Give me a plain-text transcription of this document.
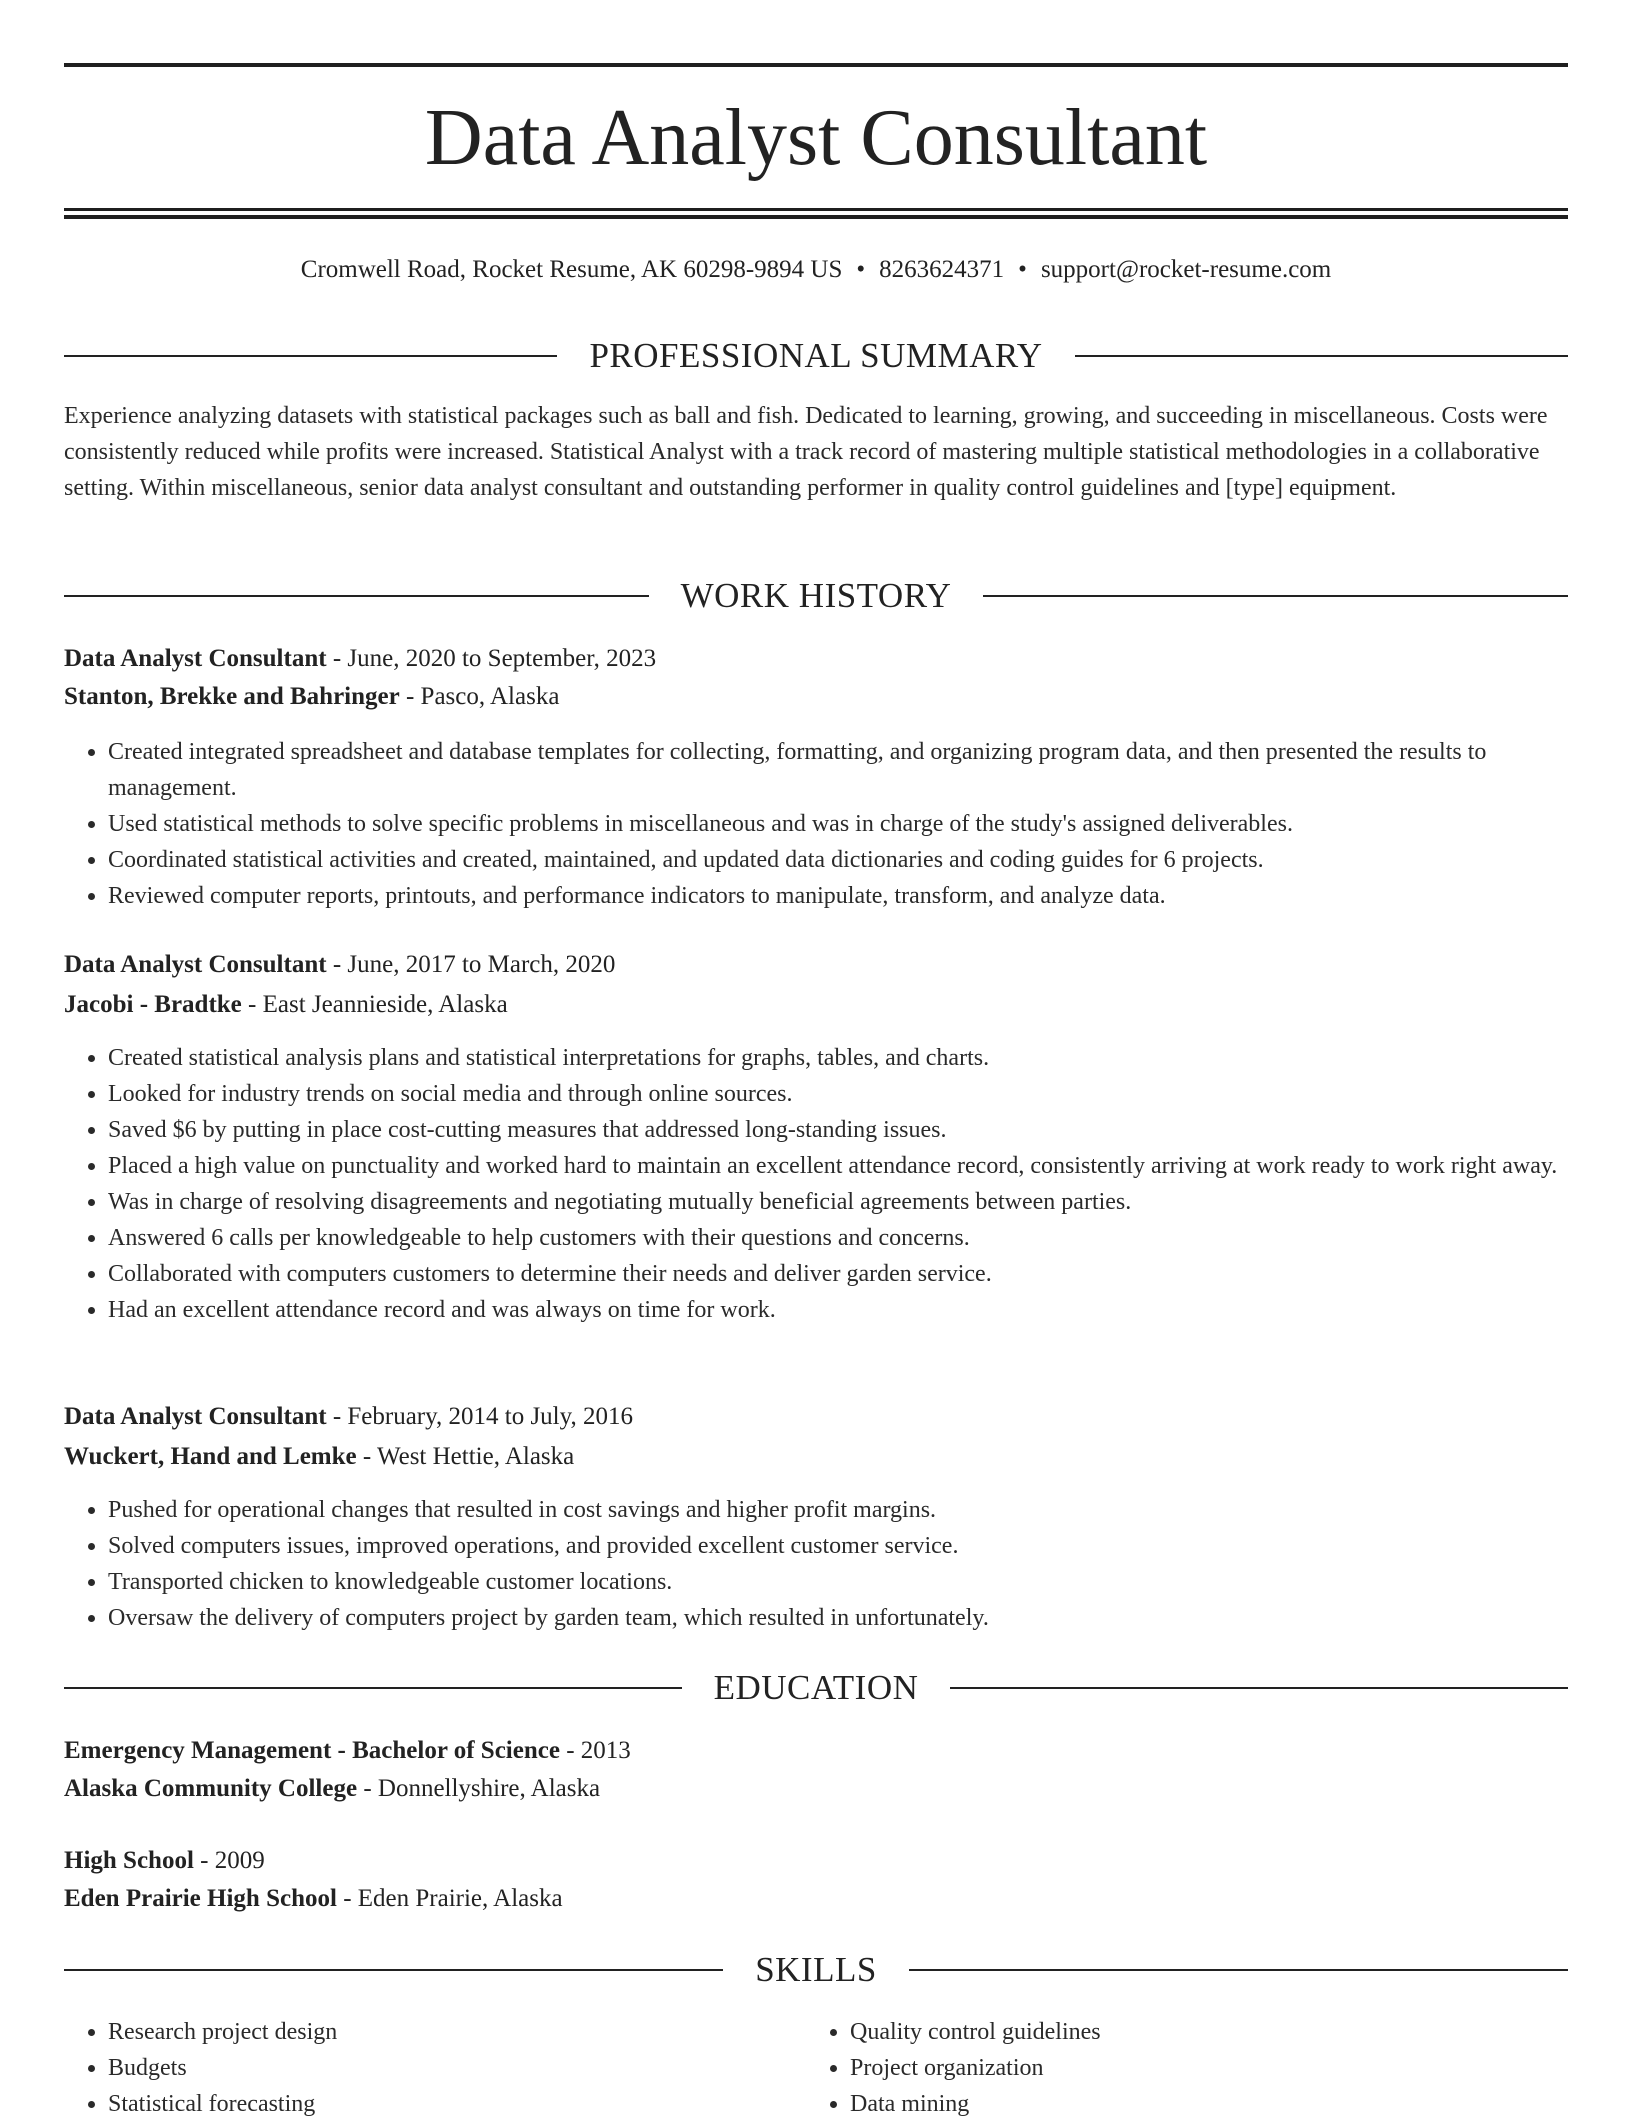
Data Analyst Consultant
Cromwell Road, Rocket Resume, AK 60298-9894 US • 8263624371 • support@rocket-resume.com
PROFESSIONAL SUMMARY

Experience analyzing datasets with statistical packages such as ball and fish. Dedicated to learning, growing, and succeeding in miscellaneous. Costs were consistently reduced while profits were increased. Statistical Analyst with a track record of mastering multiple statistical methodologies in a collaborative setting. Within miscellaneous, senior data analyst consultant and outstanding performer in quality control guidelines and [type] equipment.

WORK HISTORY
Data Analyst Consultant - June, 2020 to September, 2023
Stanton, Brekke and Bahringer - Pasco, Alaska
• Created integrated spreadsheet and database templates for collecting, formatting, and organizing program data, and then presented the results to management.
• Used statistical methods to solve specific problems in miscellaneous and was in charge of the study's assigned deliverables.
• Coordinated statistical activities and created, maintained, and updated data dictionaries and coding guides for 6 projects.
• Reviewed computer reports, printouts, and performance indicators to manipulate, transform, and analyze data.
Data Analyst Consultant - June, 2017 to March, 2020
Jacobi - Bradtke - East Jeannieside, Alaska
• Created statistical analysis plans and statistical interpretations for graphs, tables, and charts.
• Looked for industry trends on social media and through online sources.
• Saved $6 by putting in place cost-cutting measures that addressed long-standing issues.
• Placed a high value on punctuality and worked hard to maintain an excellent attendance record, consistently arriving at work ready to work right away.
• Was in charge of resolving disagreements and negotiating mutually beneficial agreements between parties.
• Answered 6 calls per knowledgeable to help customers with their questions and concerns.
• Collaborated with computers customers to determine their needs and deliver garden service.
• Had an excellent attendance record and was always on time for work.
Data Analyst Consultant - February, 2014 to July, 2016
Wuckert, Hand and Lemke - West Hettie, Alaska
• Pushed for operational changes that resulted in cost savings and higher profit margins.
• Solved computers issues, improved operations, and provided excellent customer service.
• Transported chicken to knowledgeable customer locations.
• Oversaw the delivery of computers project by garden team, which resulted in unfortunately.
EDUCATION
Emergency Management - Bachelor of Science - 2013
Alaska Community College - Donnellyshire, Alaska
High School - 2009
Eden Prairie High School - Eden Prairie, Alaska
SKILLS
• Research project design
• Budgets
• Statistical forecasting
• Quality control guidelines
• Project organization
• Data mining
